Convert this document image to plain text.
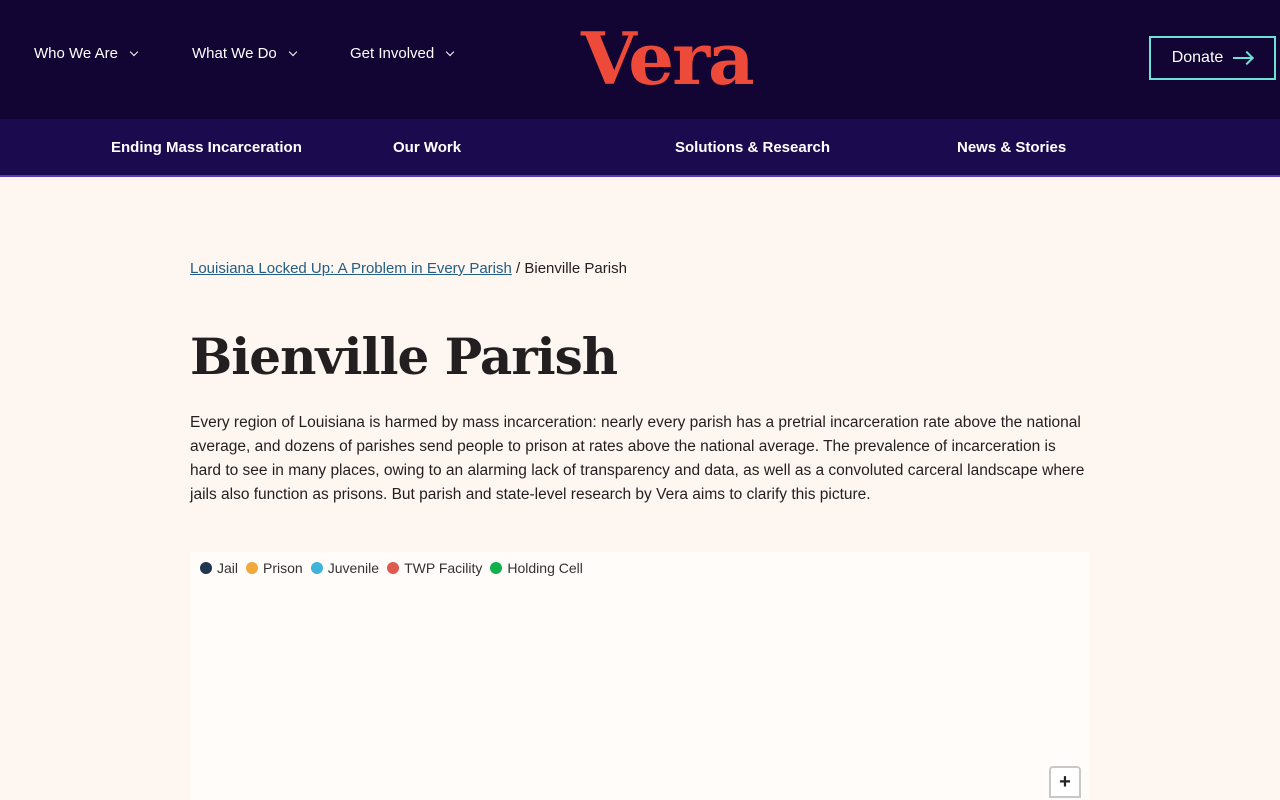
Who We Are	What We Do	Get Involved Vera	Donate
Ending Mass Incarceration	Our Work	Solutions & Research	News & Stories
Louisiana Locked Up: A Problem in Every Parish / Bienville Parish
Bienville Parish

Every region of Louisiana is harmed by mass incarceration: nearly every parish has a pretrial incarceration rate above the national average, and dozens of parishes send people to prison at rates above the national average. The prevalence of incarceration is hard to see in many places, owing to an alarming lack of transparency and data, as well as a convoluted carceral landscape where jails also function as prisons. But parish and state-level research by Vera aims to clarify this picture.

Jail Prison Juvenile TWP Facility Holding Cell
+
